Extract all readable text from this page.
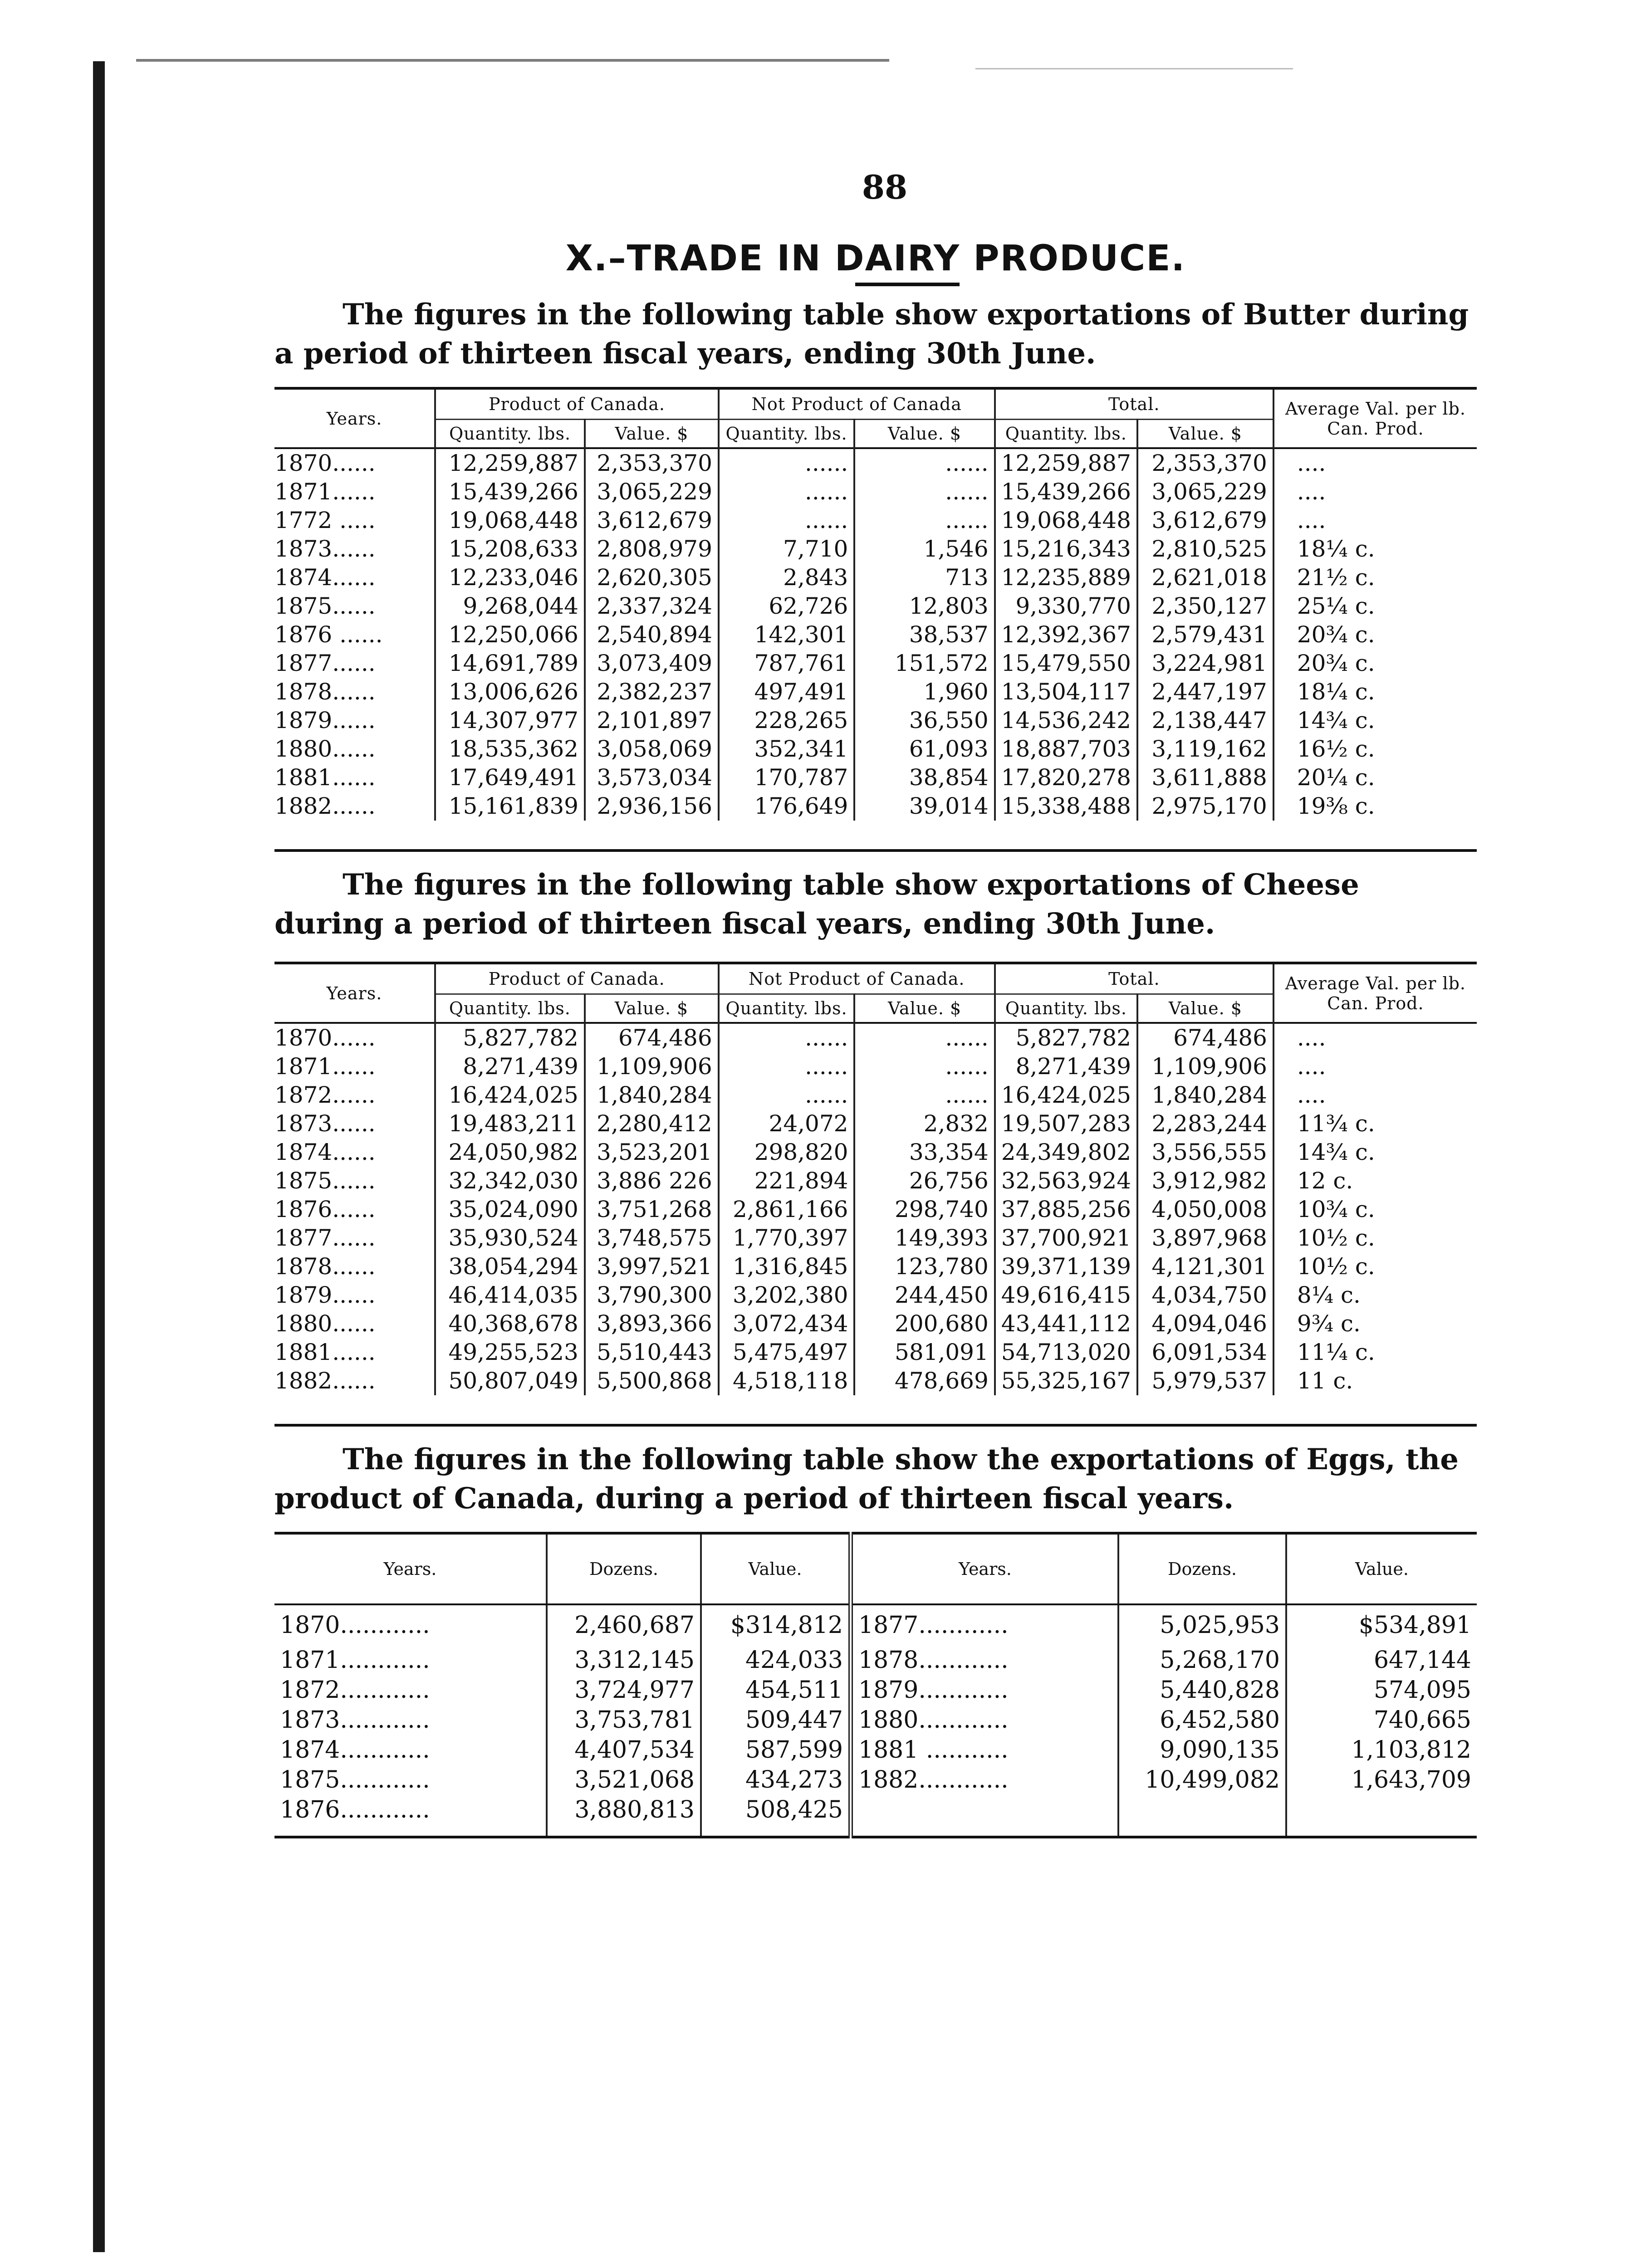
88
X.–TRADE IN DAIRY PRODUCE.

The figures in the following table show exportations of Butter during a period of thirteen fiscal years, ending 30th June.

Years.	Product of Canada.		Not Product of Canada		Total.		Average Val. per lb. Can. Prod.
	Quantity. lbs.	Value. $	Quantity. lbs.	Value. $	Quantity. lbs.	Value. $	
1870......	12,259,887	2,353,370	......	......	12,259,887	2,353,370	....
1871......	15,439,266	3,065,229	......	......	15,439,266	3,065,229	....
1772 .....	19,068,448	3,612,679	......	......	19,068,448	3,612,679	....
1873......	15,208,633	2,808,979	7,710	1,546	15,216,343	2,810,525	18¼ c.
1874......	12,233,046	2,620,305	2,843	713	12,235,889	2,621,018	21½ c.
1875......	9,268,044	2,337,324	62,726	12,803	9,330,770	2,350,127	25¼ c.
1876 ......	12,250,066	2,540,894	142,301	38,537	12,392,367	2,579,431	20¾ c.
1877......	14,691,789	3,073,409	787,761	151,572	15,479,550	3,224,981	20¾ c.
1878......	13,006,626	2,382,237	497,491	1,960	13,504,117	2,447,197	18¼ c.
1879......	14,307,977	2,101,897	228,265	36,550	14,536,242	2,138,447	14¾ c.
1880......	18,535,362	3,058,069	352,341	61,093	18,887,703	3,119,162	16½ c.
1881......	17,649,491	3,573,034	170,787	38,854	17,820,278	3,611,888	20¼ c.
1882......	15,161,839	2,936,156	176,649	39,014	15,338,488	2,975,170	19⅜ c.

The figures in the following table show exportations of Cheese during a period of thirteen fiscal years, ending 30th June.

Years.	Product of Canada.		Not Product of Canada.		Total.		Average Val. per lb. Can. Prod.
	Quantity. lbs.	Value. $	Quantity. lbs.	Value. $	Quantity. lbs.	Value. $	
1870......	5,827,782	674,486	......	......	5,827,782	674,486	....
1871......	8,271,439	1,109,906	......	......	8,271,439	1,109,906	....
1872......	16,424,025	1,840,284	......	......	16,424,025	1,840,284	....
1873......	19,483,211	2,280,412	24,072	2,832	19,507,283	2,283,244	11¾ c.
1874......	24,050,982	3,523,201	298,820	33,354	24,349,802	3,556,555	14¾ c.
1875......	32,342,030	3,886 226	221,894	26,756	32,563,924	3,912,982	12 c.
1876......	35,024,090	3,751,268	2,861,166	298,740	37,885,256	4,050,008	10¾ c.
1877......	35,930,524	3,748,575	1,770,397	149,393	37,700,921	3,897,968	10½ c.
1878......	38,054,294	3,997,521	1,316,845	123,780	39,371,139	4,121,301	10½ c.
1879......	46,414,035	3,790,300	3,202,380	244,450	49,616,415	4,034,750	8¼ c.
1880......	40,368,678	3,893,366	3,072,434	200,680	43,441,112	4,094,046	9¾ c.
1881......	49,255,523	5,510,443	5,475,497	581,091	54,713,020	6,091,534	11¼ c.
1882......	50,807,049	5,500,868	4,518,118	478,669	55,325,167	5,979,537	11 c.

The figures in the following table show the exportations of Eggs, the product of Canada, during a period of thirteen fiscal years.

Years.	Dozens.	Value.	Years.	Dozens.	Value.
1870............	2,460,687	$314,812	1877............	5,025,953	$534,891
1871............	3,312,145	424,033	1878............	5,268,170	647,144
1872............	3,724,977	454,511	1879............	5,440,828	574,095
1873............	3,753,781	509,447	1880............	6,452,580	740,665
1874............	4,407,534	587,599	1881 ...........	9,090,135	1,103,812
1875............	3,521,068	434,273	1882............	10,499,082	1,643,709
1876............	3,880,813	508,425			
